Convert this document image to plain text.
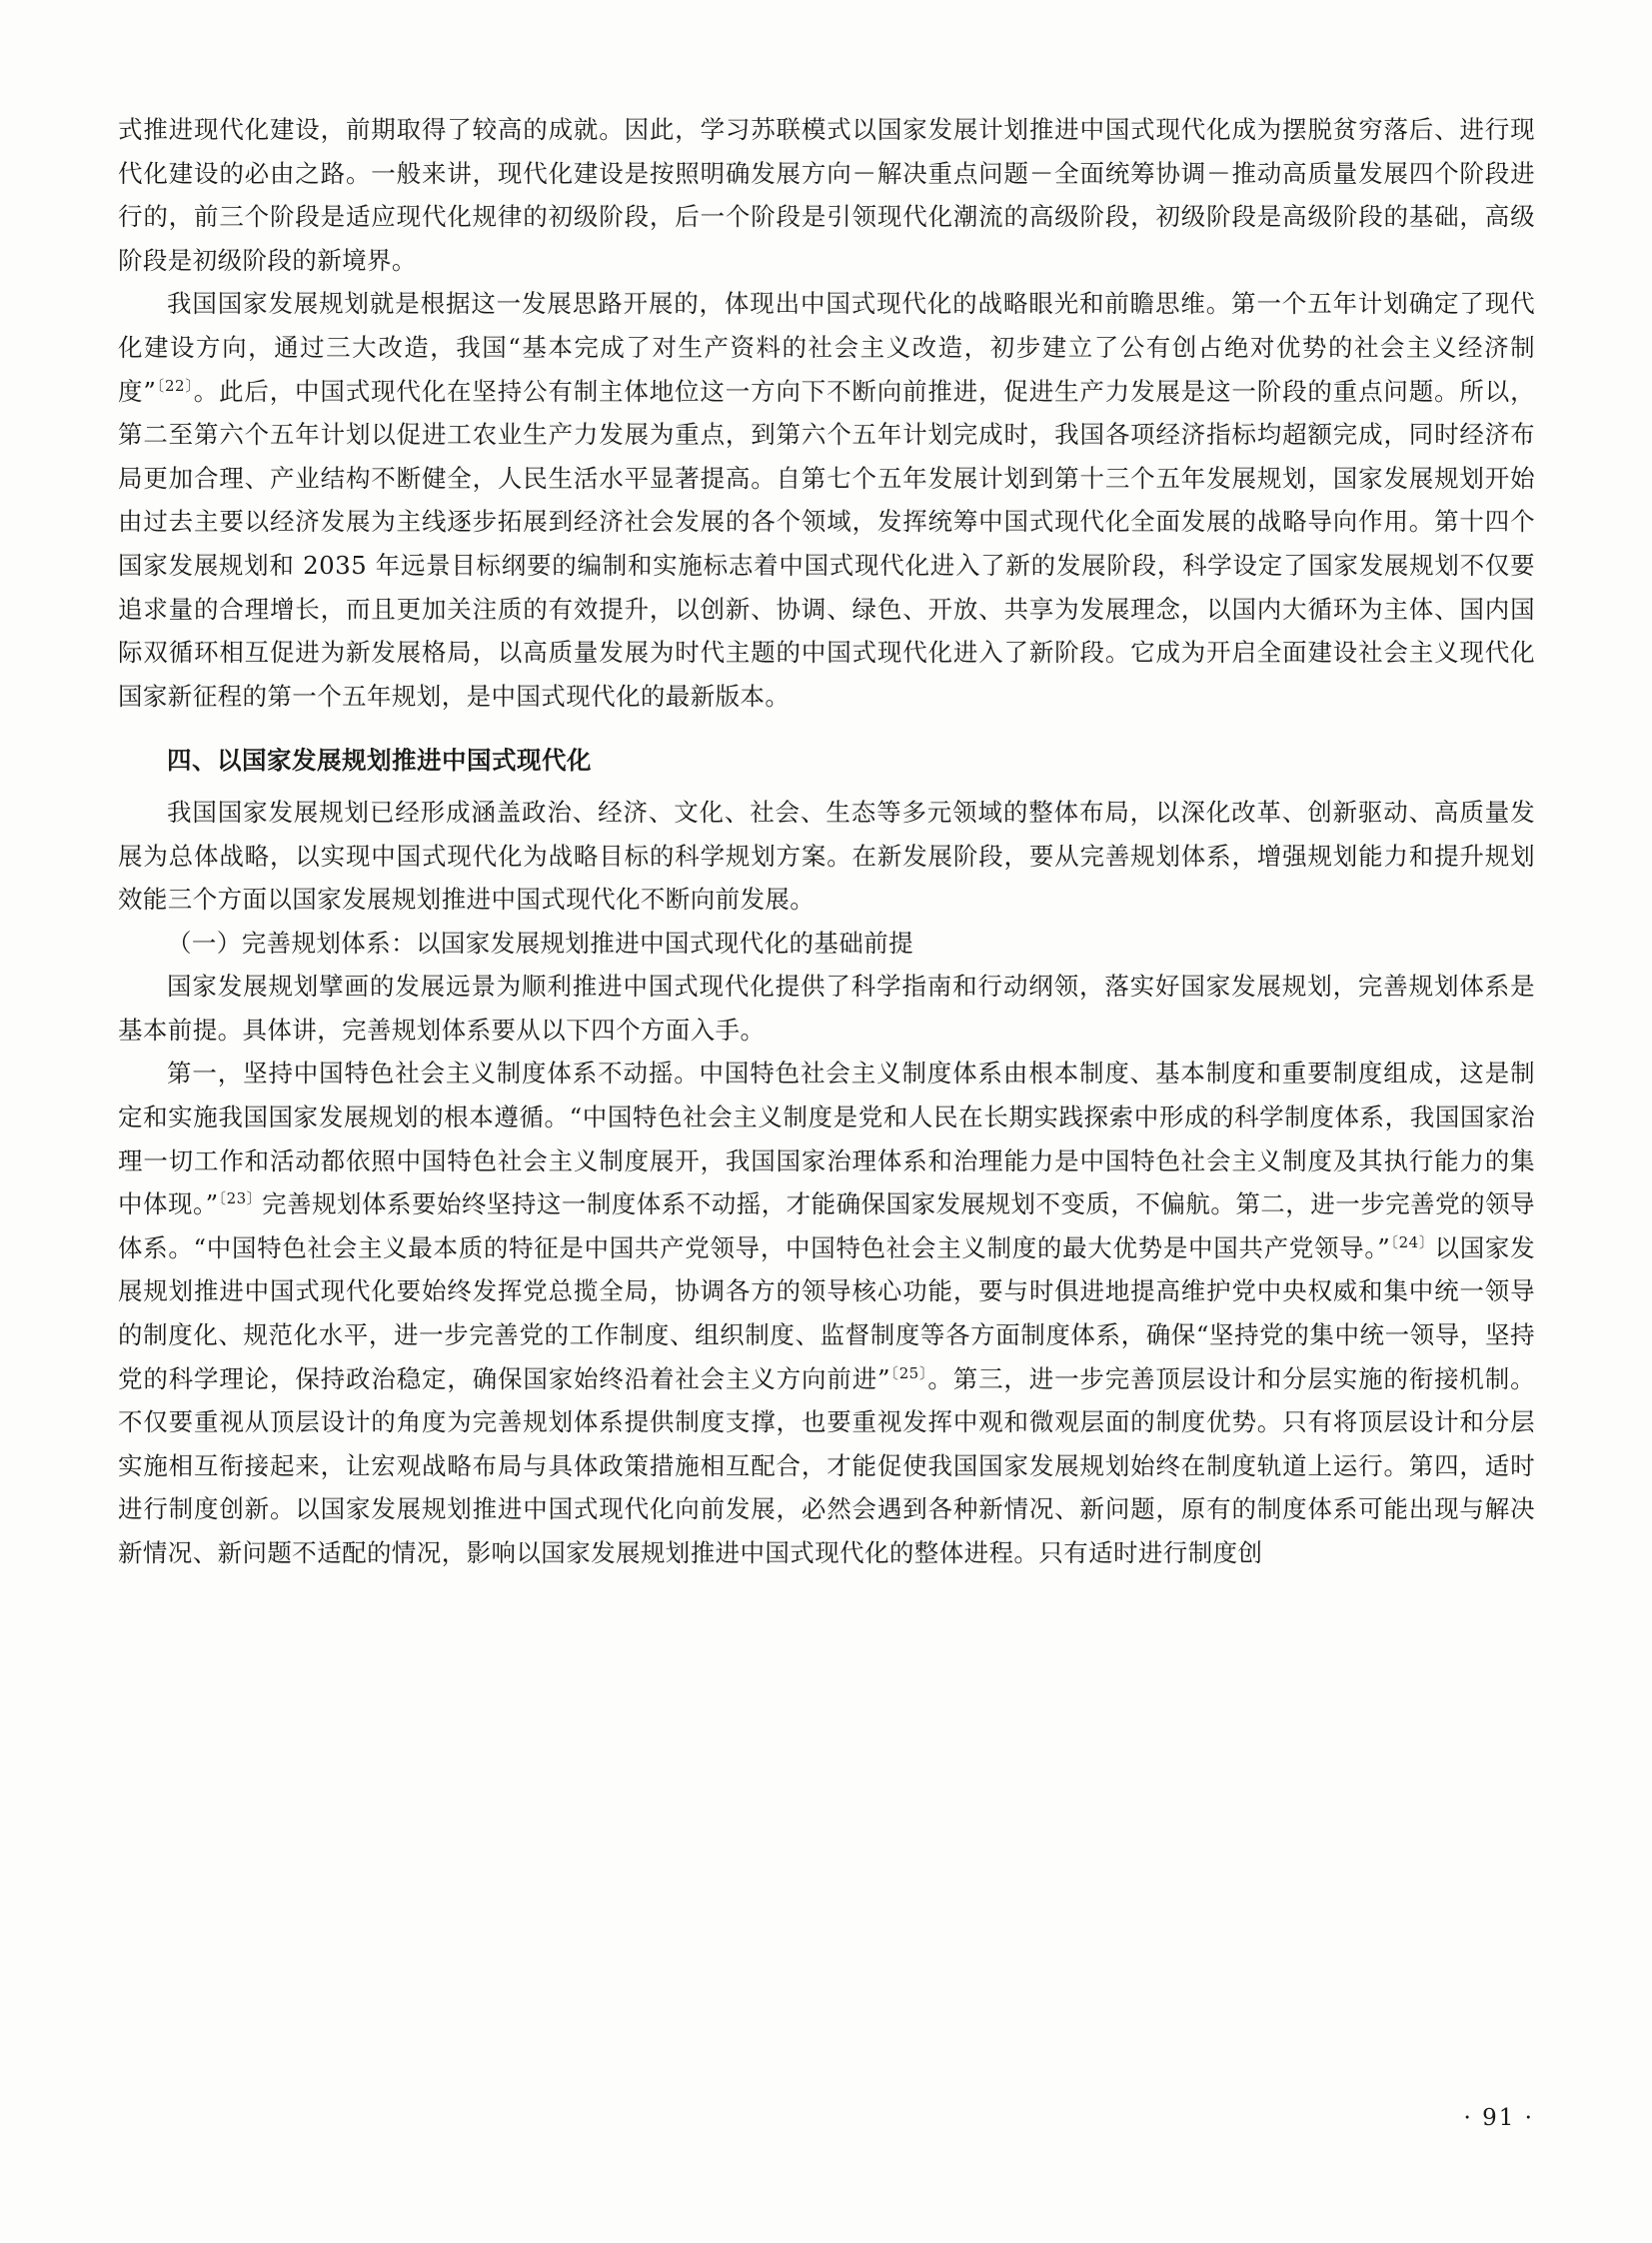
式推进现代化建设，前期取得了较高的成就。因此，学习苏联模式以国家发展计划推进中国式现代化成为摆脱贫穷落后、进行现代化建设的必由之路。一般来讲，现代化建设是按照明确发展方向－解决重点问题－全面统筹协调－推动高质量发展四个阶段进行的，前三个阶段是适应现代化规律的初级阶段，后一个阶段是引领现代化潮流的高级阶段，初级阶段是高级阶段的基础，高级阶段是初级阶段的新境界。

我国国家发展规划就是根据这一发展思路开展的，体现出中国式现代化的战略眼光和前瞻思维。第一个五年计划确定了现代化建设方向，通过三大改造，我国“基本完成了对生产资料的社会主义改造，初步建立了公有创占绝对优势的社会主义经济制度”$^{〔22〕}$。此后，中国式现代化在坚持公有制主体地位这一方向下不断向前推进，促进生产力发展是这一阶段的重点问题。所以，第二至第六个五年计划以促进工农业生产力发展为重点，到第六个五年计划完成时，我国各项经济指标均超额完成，同时经济布局更加合理、产业结构不断健全，人民生活水平显著提高。自第七个五年发展计划到第十三个五年发展规划，国家发展规划开始由过去主要以经济发展为主线逐步拓展到经济社会发展的各个领域，发挥统筹中国式现代化全面发展的战略导向作用。第十四个国家发展规划和 2035 年远景目标纲要的编制和实施标志着中国式现代化进入了新的发展阶段，科学设定了国家发展规划不仅要追求量的合理增长，而且更加关注质的有效提升，以创新、协调、绿色、开放、共享为发展理念，以国内大循环为主体、国内国际双循环相互促进为新发展格局，以高质量发展为时代主题的中国式现代化进入了新阶段。它成为开启全面建设社会主义现代化国家新征程的第一个五年规划，是中国式现代化的最新版本。

四、以国家发展规划推进中国式现代化

我国国家发展规划已经形成涵盖政治、经济、文化、社会、生态等多元领域的整体布局，以深化改革、创新驱动、高质量发展为总体战略，以实现中国式现代化为战略目标的科学规划方案。在新发展阶段，要从完善规划体系，增强规划能力和提升规划效能三个方面以国家发展规划推进中国式现代化不断向前发展。

（一）完善规划体系：以国家发展规划推进中国式现代化的基础前提

国家发展规划擘画的发展远景为顺利推进中国式现代化提供了科学指南和行动纲领，落实好国家发展规划，完善规划体系是基本前提。具体讲，完善规划体系要从以下四个方面入手。

第一，坚持中国特色社会主义制度体系不动摇。中国特色社会主义制度体系由根本制度、基本制度和重要制度组成，这是制定和实施我国国家发展规划的根本遵循。“中国特色社会主义制度是党和人民在长期实践探索中形成的科学制度体系，我国国家治理一切工作和活动都依照中国特色社会主义制度展开，我国国家治理体系和治理能力是中国特色社会主义制度及其执行能力的集中体现。”$^{〔23〕}$完善规划体系要始终坚持这一制度体系不动摇，才能确保国家发展规划不变质，不偏航。第二，进一步完善党的领导体系。“中国特色社会主义最本质的特征是中国共产党领导，中国特色社会主义制度的最大优势是中国共产党领导。”$^{〔24〕}$以国家发展规划推进中国式现代化要始终发挥党总揽全局，协调各方的领导核心功能，要与时俱进地提高维护党中央权威和集中统一领导的制度化、规范化水平，进一步完善党的工作制度、组织制度、监督制度等各方面制度体系，确保“坚持党的集中统一领导，坚持党的科学理论，保持政治稳定，确保国家始终沿着社会主义方向前进”$^{〔25〕}$。第三，进一步完善顶层设计和分层实施的衔接机制。不仅要重视从顶层设计的角度为完善规划体系提供制度支撑，也要重视发挥中观和微观层面的制度优势。只有将顶层设计和分层实施相互衔接起来，让宏观战略布局与具体政策措施相互配合，才能促使我国国家发展规划始终在制度轨道上运行。第四，适时进行制度创新。以国家发展规划推进中国式现代化向前发展，必然会遇到各种新情况、新问题，原有的制度体系可能出现与解决新情况、新问题不适配的情况，影响以国家发展规划推进中国式现代化的整体进程。只有适时进行制度创

· 91 ·
